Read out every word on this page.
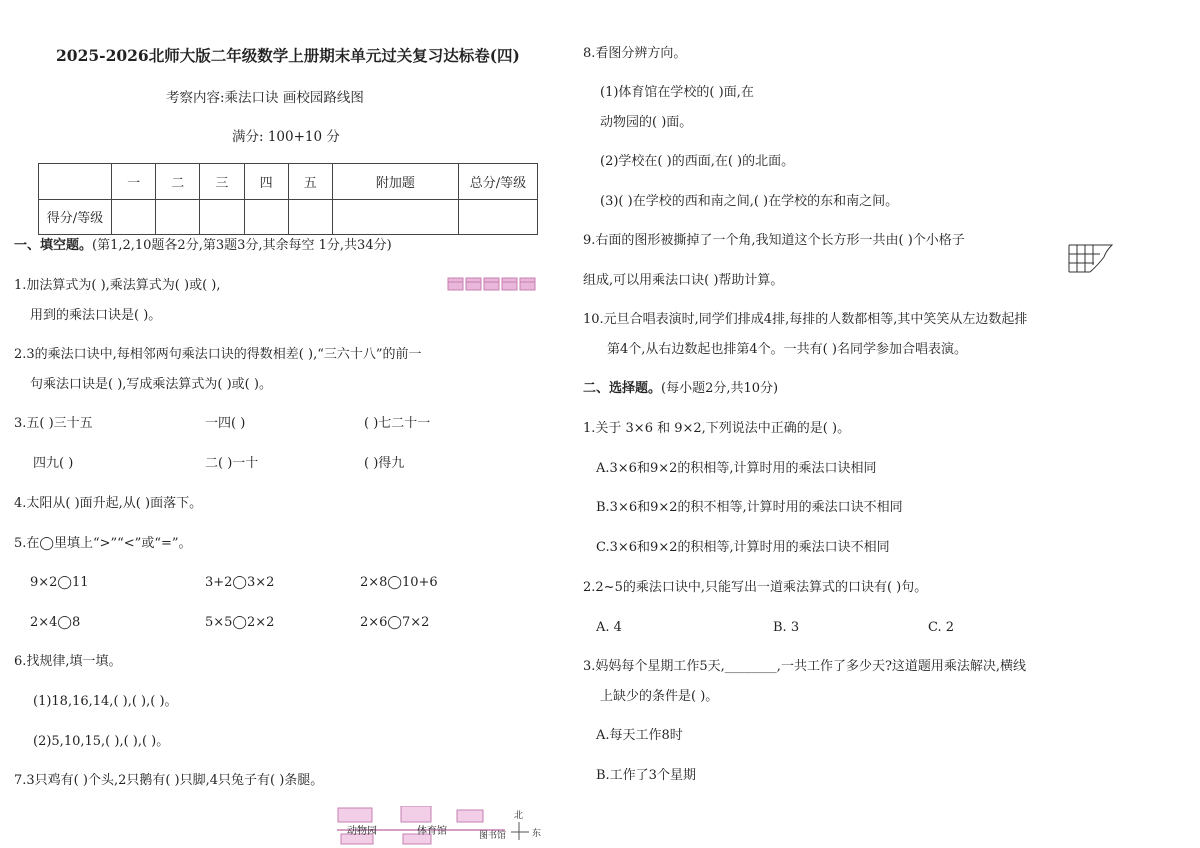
2025-2026北师大版二年级数学上册期末单元过关复习达标卷(四)
考察内容:乘法口诀 画校园路线图
满分: 100+10 分
	一	二	三	四	五	附加题	总分/等级
得分/等级							
一、填空题。(第1,2,10题各2分,第3题3分,其余每空 1分,共34分)
1.加法算式为( ),乘法算式为( )或( ),
用到的乘法口诀是( )。
2.3的乘法口诀中,每相邻两句乘法口诀的得数相差( ),“三六十八”的前一
句乘法口诀是( ),写成乘法算式为( )或( )。
3.五( )三十五	一四( )	( )七二十一
四九( )	二( )一十	( )得九
4.太阳从( )面升起,从( )面落下。
5.在◯里填上“>”“<”或“=”。
9×2◯11	3+2◯3×2	2×8◯10+6
2×4◯8	5×5◯2×2	2×6◯7×2
6.找规律,填一填。
(1)18,16,14,( ),( ),( )。
(2)5,10,15,( ),( ),( )。
7.3只鸡有( )个头,2只鹅有( )只脚,4只兔子有( )条腿。
动物园	体育馆	图书馆
北
东
8.看图分辨方向。
(1)体育馆在学校的( )面,在
动物园的( )面。
(2)学校在( )的西面,在( )的北面。
(3)( )在学校的西和南之间,( )在学校的东和南之间。
9.右面的图形被撕掉了一个角,我知道这个长方形一共由( )个小格子
组成,可以用乘法口诀( )帮助计算。
10.元旦合唱表演时,同学们排成4排,每排的人数都相等,其中笑笑从左边数起排
第4个,从右边数起也排第4个。一共有( )名同学参加合唱表演。
二、选择题。(每小题2分,共10分)
1.关于 3×6 和 9×2,下列说法中正确的是( )。
A.3×6和9×2的积相等,计算时用的乘法口诀相同
B.3×6和9×2的积不相等,计算时用的乘法口诀不相同
C.3×6和9×2的积相等,计算时用的乘法口诀不相同
2.2~5的乘法口诀中,只能写出一道乘法算式的口诀有( )句。
A. 4	B. 3	C. 2
3.妈妈每个星期工作5天,________,一共工作了多少天?这道题用乘法解决,横线
上缺少的条件是( )。
A.每天工作8时
B.工作了3个星期
